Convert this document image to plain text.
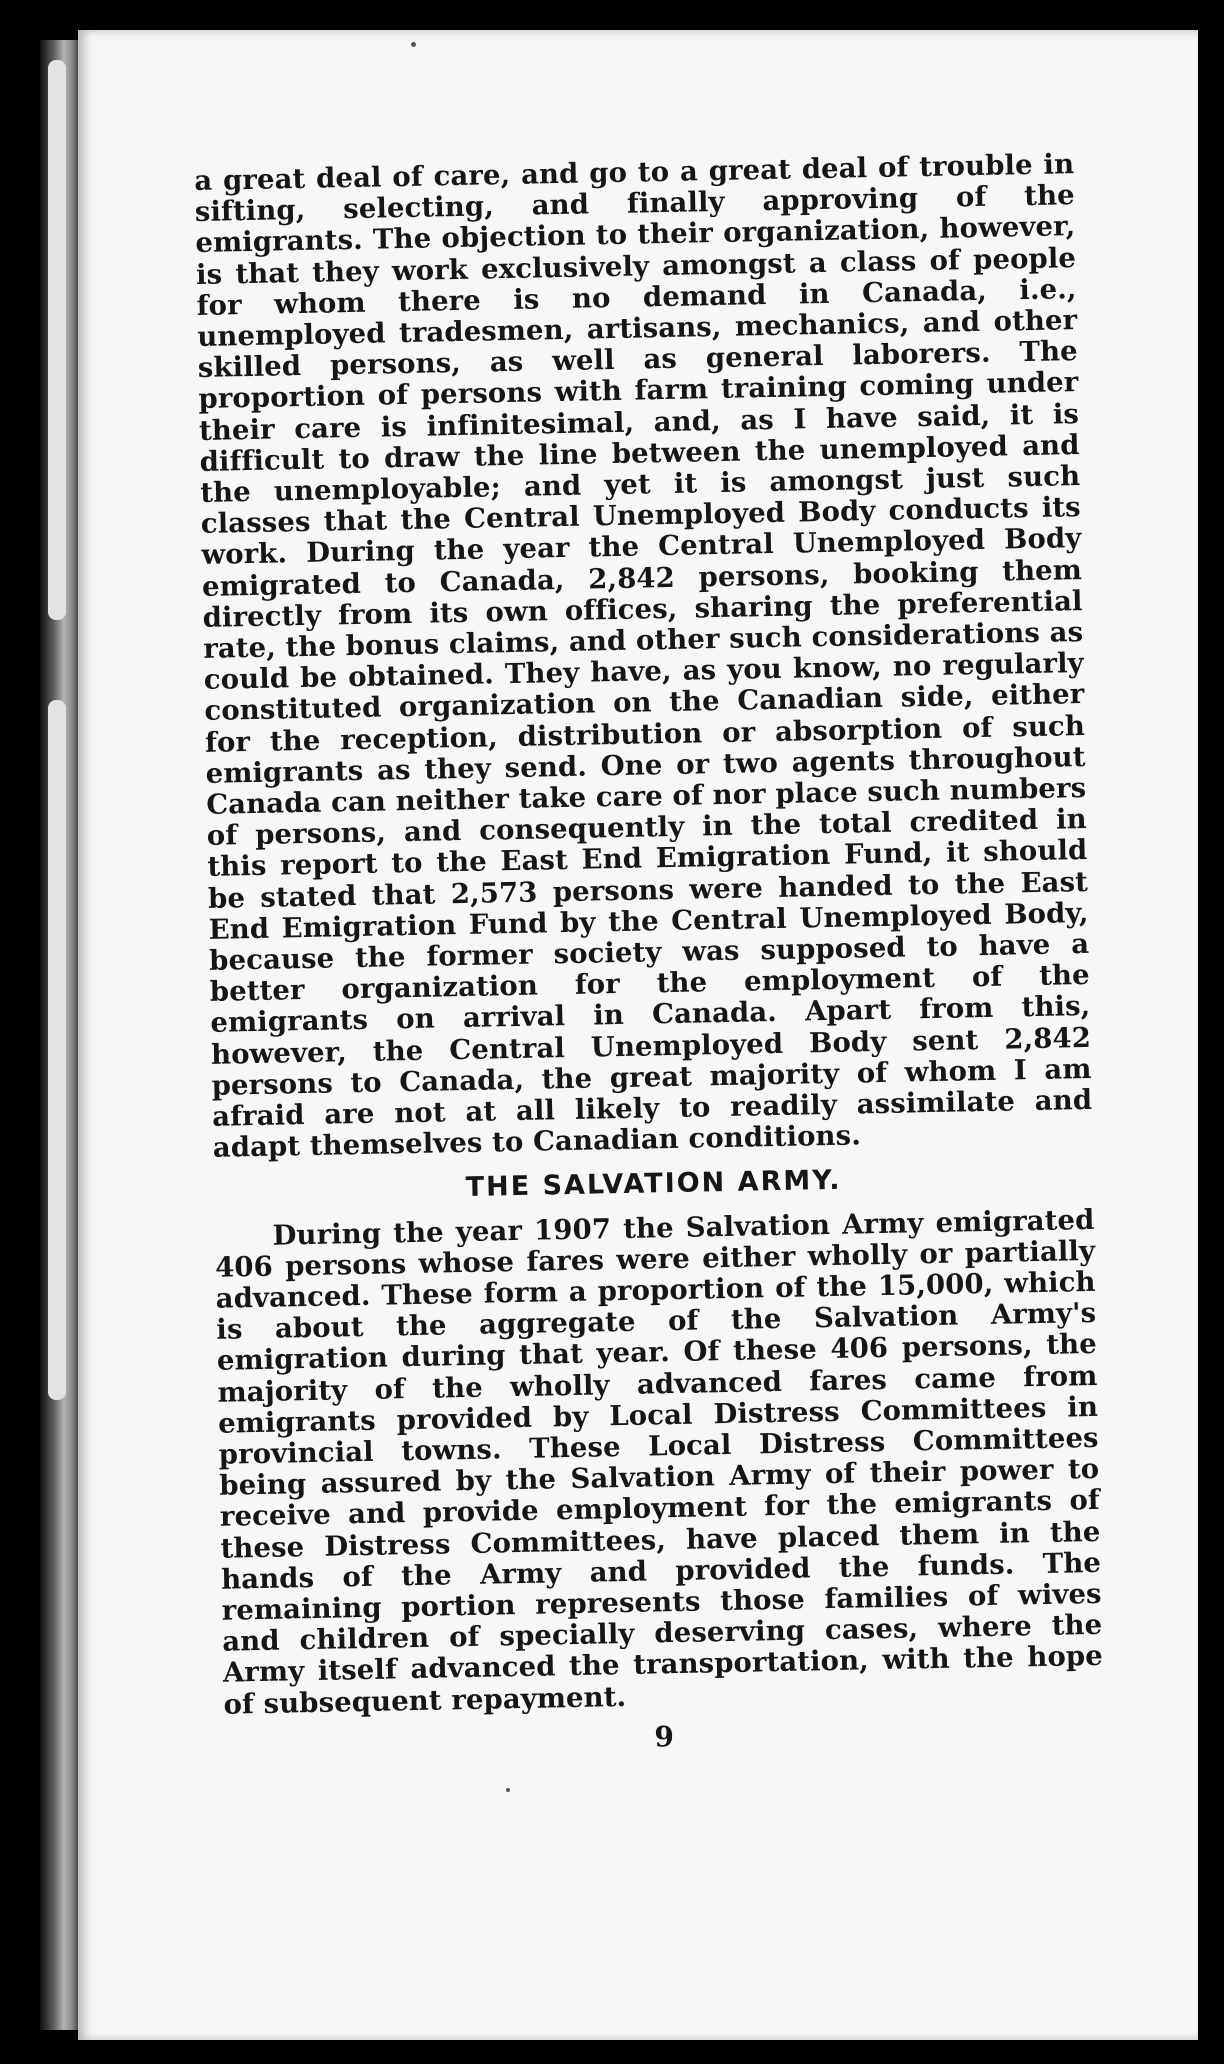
a great deal of care, and go to a great deal of trouble in sifting, selecting, and finally approving of the emigrants. The objection to their organization, however, is that they work exclusively amongst a class of people for whom there is no demand in Canada, i.e., unemployed tradesmen, artisans, mechanics, and other skilled persons, as well as general laborers. The proportion of persons with farm training coming under their care is infinitesimal, and, as I have said, it is difficult to draw the line between the unemployed and the unemployable; and yet it is amongst just such classes that the Central Unemployed Body conducts its work. During the year the Central Unemployed Body emigrated to Canada, 2,842 persons, booking them directly from its own offices, sharing the preferential rate, the bonus claims, and other such considerations as could be obtained. They have, as you know, no regularly constituted organization on the Canadian side, either for the reception, distribution or absorption of such emigrants as they send. One or two agents throughout Canada can neither take care of nor place such numbers of persons, and consequently in the total credited in this report to the East End Emigration Fund, it should be stated that 2,573 persons were handed to the East End Emigration Fund by the Central Unemployed Body, because the former society was supposed to have a better organization for the employment of the emigrants on arrival in Canada. Apart from this, however, the Central Unemployed Body sent 2,842 persons to Canada, the great majority of whom I am afraid are not at all likely to readily assimilate and adapt themselves to Canadian conditions.

THE SALVATION ARMY.

During the year 1907 the Salvation Army emigrated 406 persons whose fares were either wholly or partially advanced. These form a proportion of the 15,000, which is about the aggregate of the Salvation Army's emigration during that year. Of these 406 persons, the majority of the wholly advanced fares came from emigrants provided by Local Distress Committees in provincial towns. These Local Distress Committees being assured by the Salvation Army of their power to receive and provide employment for the emigrants of these Distress Committees, have placed them in the hands of the Army and provided the funds. The remaining portion represents those families of wives and children of specially deserving cases, where the Army itself advanced the transportation, with the hope of subsequent repayment.

9
